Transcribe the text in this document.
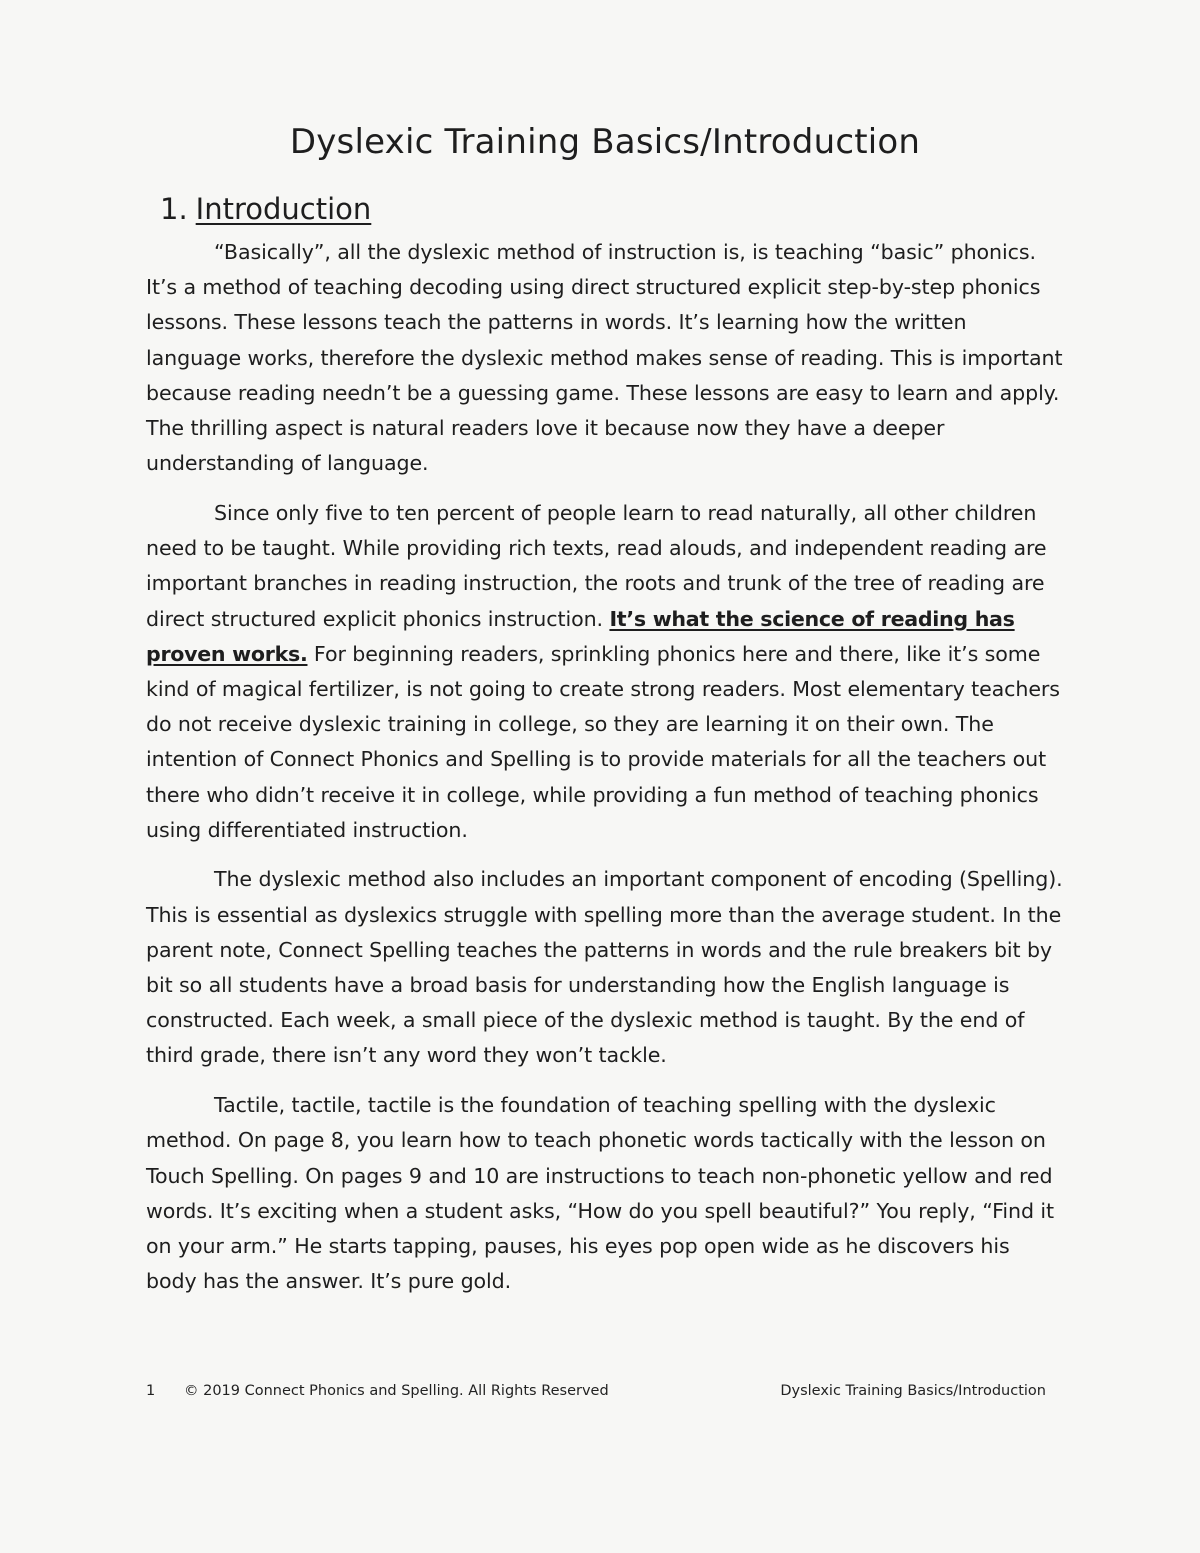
Dyslexic Training Basics/Introduction
1. Introduction

“Basically”, all the dyslexic method of instruction is, is teaching “basic” phonics. It’s a method of teaching decoding using direct structured explicit step-by-step phonics lessons. These lessons teach the patterns in words. It’s learning how the written language works, therefore the dyslexic method makes sense of reading. This is important because reading needn’t be a guessing game. These lessons are easy to learn and apply. The thrilling aspect is natural readers love it because now they have a deeper understanding of language.

Since only five to ten percent of people learn to read naturally, all other children need to be taught. While providing rich texts, read alouds, and independent reading are important branches in reading instruction, the roots and trunk of the tree of reading are direct structured explicit phonics instruction. It’s what the science of reading has proven works. For beginning readers, sprinkling phonics here and there, like it’s some kind of magical fertilizer, is not going to create strong readers. Most elementary teachers do not receive dyslexic training in college, so they are learning it on their own. The intention of Connect Phonics and Spelling is to provide materials for all the teachers out there who didn’t receive it in college, while providing a fun method of teaching phonics using differentiated instruction.

The dyslexic method also includes an important component of encoding (Spelling). This is essential as dyslexics struggle with spelling more than the average student. In the parent note, Connect Spelling teaches the patterns in words and the rule breakers bit by bit so all students have a broad basis for understanding how the English language is constructed. Each week, a small piece of the dyslexic method is taught. By the end of third grade, there isn’t any word they won’t tackle.

Tactile, tactile, tactile is the foundation of teaching spelling with the dyslexic method. On page 8, you learn how to teach phonetic words tactically with the lesson on Touch Spelling. On pages 9 and 10 are instructions to teach non-phonetic yellow and red words. It’s exciting when a student asks, “How do you spell beautiful?” You reply, “Find it on your arm.” He starts tapping, pauses, his eyes pop open wide as he discovers his body has the answer. It’s pure gold.

1 © 2019 Connect Phonics and Spelling. All Rights Reserved	Dyslexic Training Basics/Introduction
